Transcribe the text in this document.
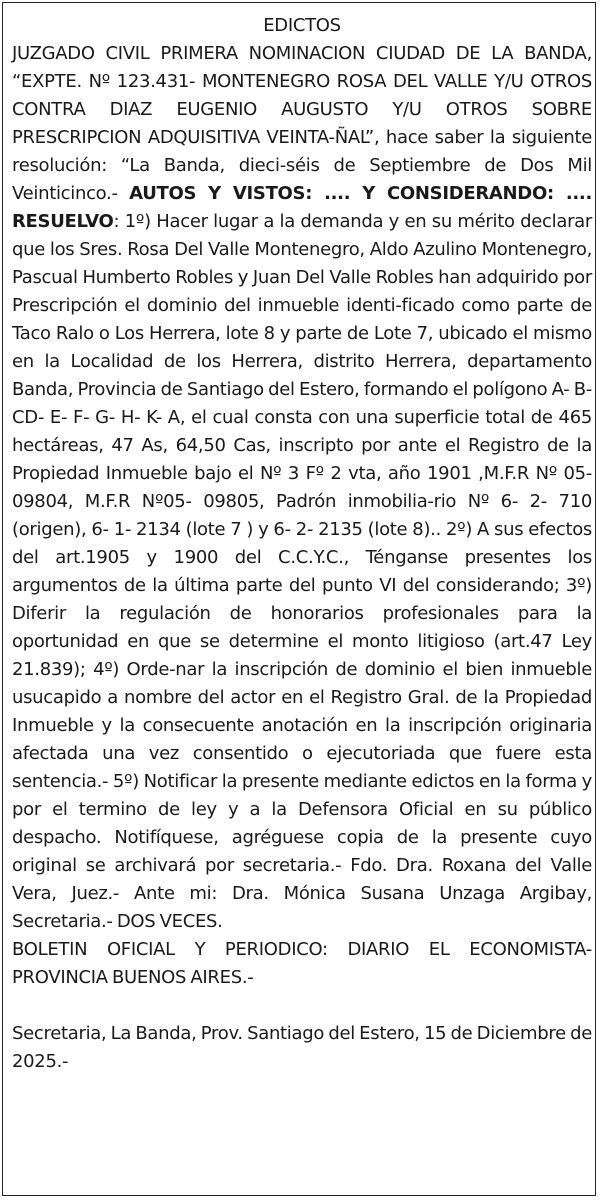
EDICTOS

JUZGADO CIVIL PRIMERA NOMINACION CIUDAD DE LA BANDA, “EXPTE. Nº 123.431- MONTENEGRO ROSA DEL VALLE Y/U OTROS CONTRA DIAZ EUGENIO AUGUSTO Y/U OTROS SOBRE PRESCRIPCION ADQUISITIVA VEINTA-ÑAL”, hace saber la siguiente resolución: “La Banda, dieci-séis de Septiembre de Dos Mil Veinticinco.- AUTOS Y VISTOS: .... Y CONSIDERANDO: .... RESUELVO: 1º) Hacer lugar a la demanda y en su mérito declarar que los Sres. Rosa Del Valle Montenegro, Aldo Azulino Montenegro, Pascual Humberto Robles y Juan Del Valle Robles han adquirido por Prescripción el dominio del inmueble identi-ficado como parte de Taco Ralo o Los Herrera, lote 8 y parte de Lote 7, ubicado el mismo en la Localidad de los Herrera, distrito Herrera, departamento Banda, Provincia de Santiago del Estero, formando el polígono A- B- CD- E- F- G- H- K- A, el cual consta con una superficie total de 465 hectáreas, 47 As, 64,50 Cas, inscripto por ante el Registro de la Propiedad Inmueble bajo el Nº 3 Fº 2 vta, año 1901 ,M.F.R Nº 05- 09804, M.F.R Nº05- 09805, Padrón inmobilia-rio Nº 6- 2- 710 (origen), 6- 1- 2134 (lote 7 ) y 6- 2- 2135 (lote 8).. 2º) A sus efectos del art.1905 y 1900 del C.C.Y.C., Ténganse presentes los argumentos de la última parte del punto VI del considerando; 3º) Diferir la regulación de honorarios profesionales para la oportunidad en que se determine el monto litigioso (art.47 Ley 21.839); 4º) Orde-nar la inscripción de dominio el bien inmueble usucapido a nombre del actor en el Registro Gral. de la Propiedad Inmueble y la consecuente anotación en la inscripción originaria afectada una vez consentido o ejecutoriada que fuere esta sentencia.- 5º) Notificar la presente mediante edictos en la forma y por el termino de ley y a la Defensora Oficial en su público despacho. Notifíquese, agréguese copia de la presente cuyo original se archivará por secretaria.- Fdo. Dra. Roxana del Valle Vera, Juez.- Ante mi: Dra. Mónica Susana Unzaga Argibay, Secretaria.- DOS VECES.

BOLETIN OFICIAL Y PERIODICO: DIARIO EL ECONOMISTA-PROVINCIA BUENOS AIRES.-

Secretaria, La Banda, Prov. Santiago del Estero, 15 de Diciembre de 2025.-
